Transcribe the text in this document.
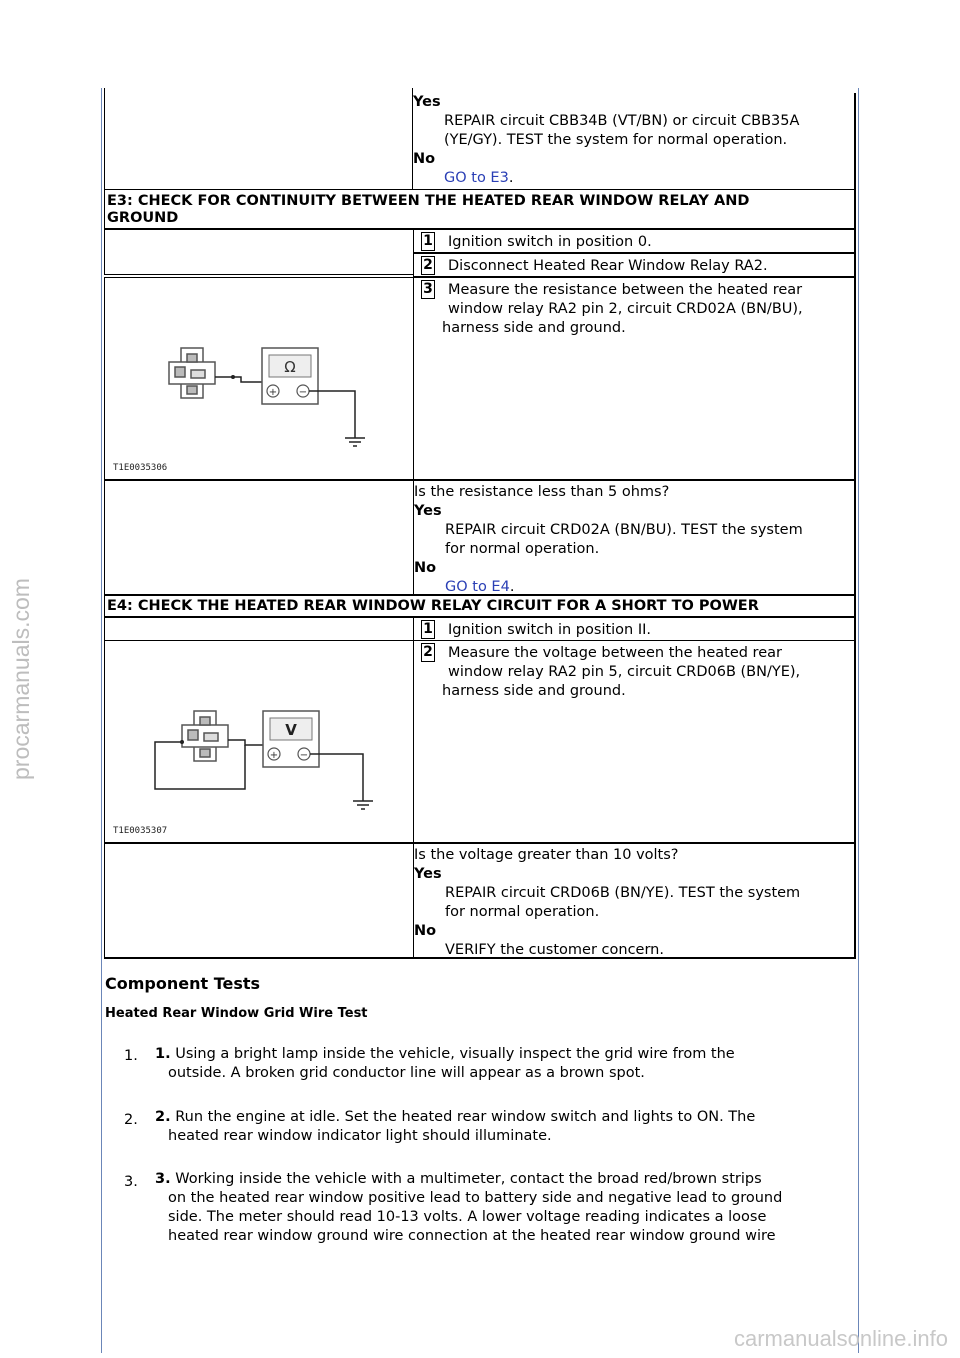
procarmanuals.com
Yes
REPAIR circuit CBB34B (VT/BN) or circuit CBB35A
(YE/GY). TEST the system for normal operation.
No
GO to E3.
E3: CHECK FOR CONTINUITY BETWEEN THE HEATED REAR WINDOW RELAY AND
GROUND
1 Ignition switch in position 0.
2 Disconnect Heated Rear Window Relay RA2.
Ω
+ −
T1E0035306
3 Measure the resistance between the heated rear
window relay RA2 pin 2, circuit CRD02A (BN/BU),
harness side and ground.
Is the resistance less than 5 ohms?
Yes
REPAIR circuit CRD02A (BN/BU). TEST the system
for normal operation.
No
GO to E4.
E4: CHECK THE HEATED REAR WINDOW RELAY CIRCUIT FOR A SHORT TO POWER
1 Ignition switch in position II.
V
+ −
T1E0035307
2 Measure the voltage between the heated rear
window relay RA2 pin 5, circuit CRD06B (BN/YE),
harness side and ground.
Is the voltage greater than 10 volts?
Yes
REPAIR circuit CRD06B (BN/YE). TEST the system
for normal operation.
No
VERIFY the customer concern.
Component Tests
Heated Rear Window Grid Wire Test
1. 1. Using a bright lamp inside the vehicle, visually inspect the grid wire from the
outside. A broken grid conductor line will appear as a brown spot.
2. 2. Run the engine at idle. Set the heated rear window switch and lights to ON. The
heated rear window indicator light should illuminate.
3. 3. Working inside the vehicle with a multimeter, contact the broad red/brown strips
on the heated rear window positive lead to battery side and negative lead to ground
side. The meter should read 10-13 volts. A lower voltage reading indicates a loose
heated rear window ground wire connection at the heated rear window ground wire
carmanualsonline.info
